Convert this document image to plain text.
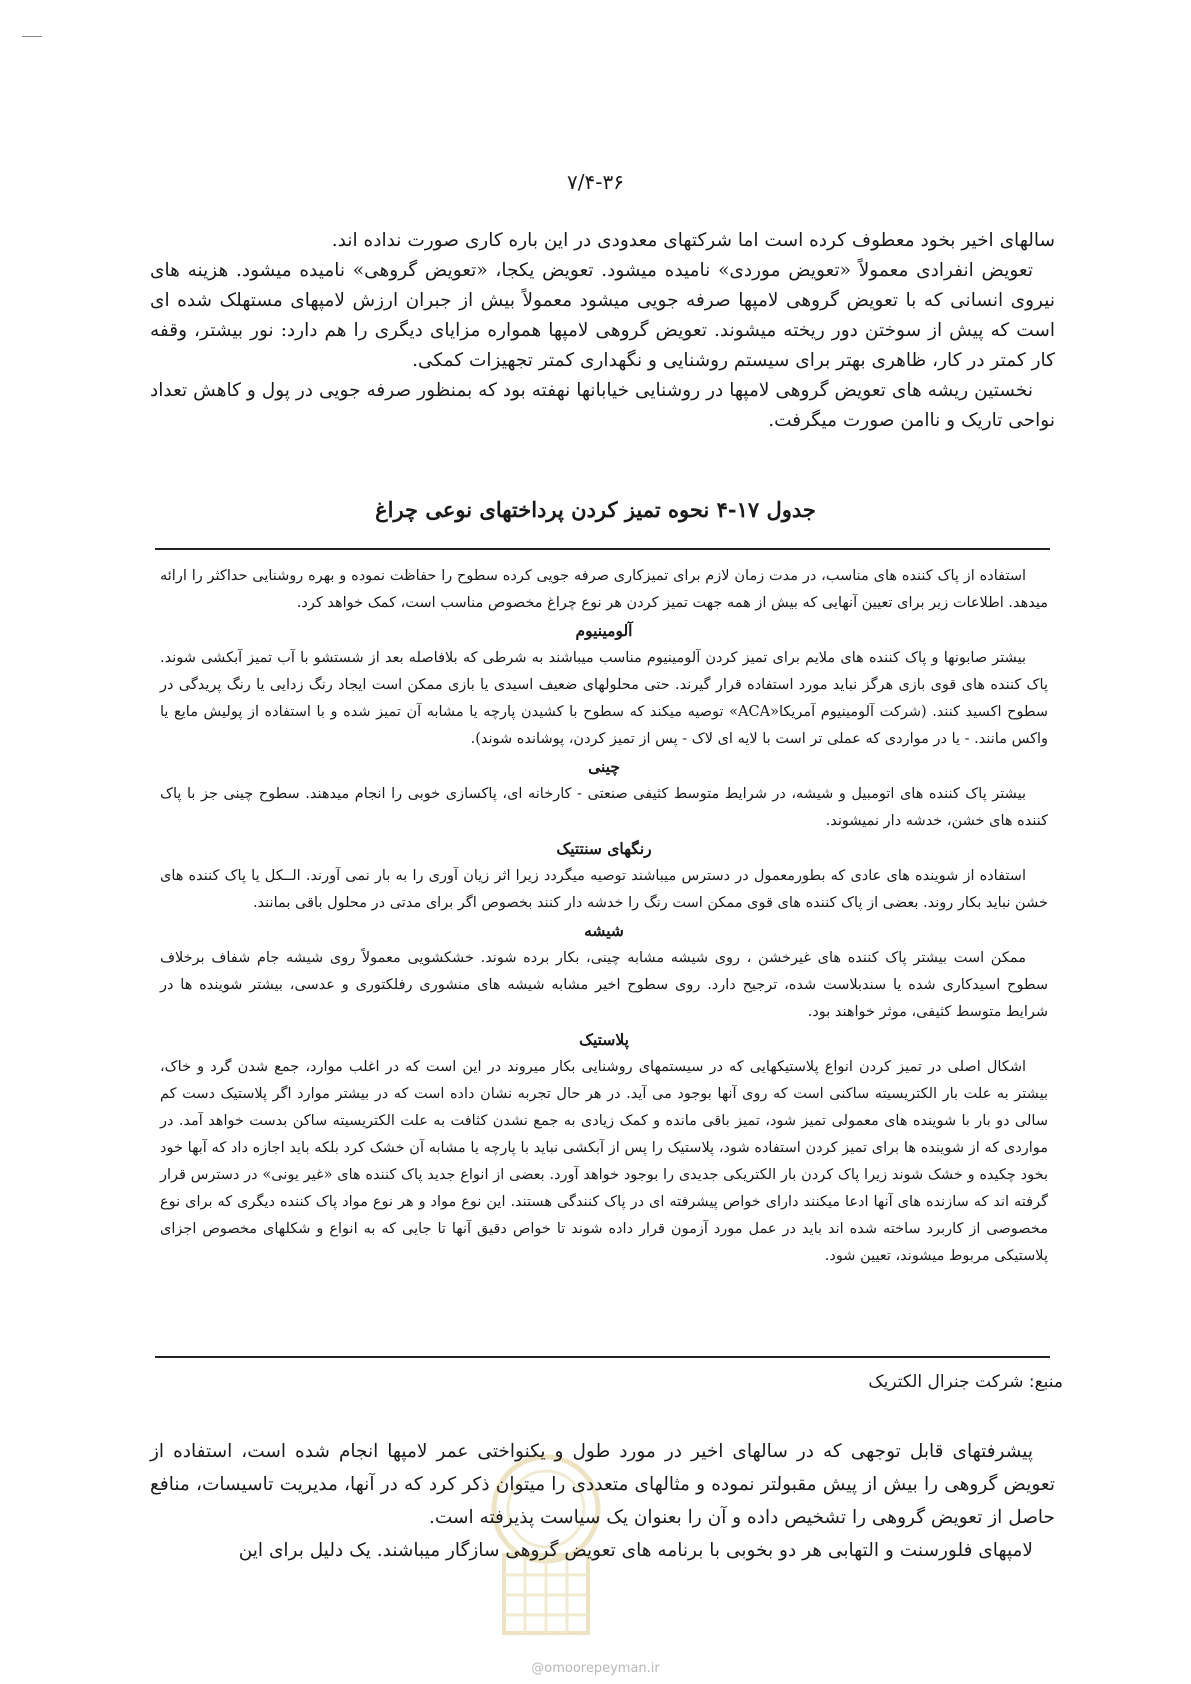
۷/۴-۳۶

سالهای اخیر بخود معطوف کرده است اما شرکتهای معدودی در این باره کاری صورت نداده اند.

تعویض انفرادی معمولاً «تعویض موردی» نامیده میشود. تعویض یکجا، «تعویض گروهی» نامیده میشود. هزینه های نیروی انسانی که با تعویض گروهی لامپها صرفه جویی میشود معمولاً بیش از جبران ارزش لامپهای مستهلک شده ای است که پیش از سوختن دور ریخته میشوند. تعویض گروهی لامپها همواره مزایای دیگری را هم دارد: نور بیشتر، وقفه کار کمتر در کار، ظاهری بهتر برای سیستم روشنایی و نگهداری کمتر تجهیزات کمکی.

نخستین ریشه های تعویض گروهی لامپها در روشنایی خیابانها نهفته بود که بمنظور صرفه جویی در پول و کاهش تعداد نواحی تاریک و ناامن صورت میگرفت.

جدول ۱۷-۴ نحوه تمیز کردن پرداختهای نوعی چراغ

استفاده از پاک کننده های مناسب، در مدت زمان لازم برای تمیزکاری صرفه جویی کرده سطوح را حفاظت نموده و بهره روشنایی حداکثر را ارائه میدهد. اطلاعات زیر برای تعیین آنهایی که بیش از همه جهت تمیز کردن هر نوع چراغ مخصوص مناسب است، کمک خواهد کرد.

آلومینیوم

بیشتر صابونها و پاک کننده های ملایم برای تمیز کردن آلومینیوم مناسب میباشند به شرطی که بلافاصله بعد از شستشو با آب تمیز آبکشی شوند. پاک کننده های قوی بازی هرگز نباید مورد استفاده قرار گیرند. حتی محلولهای ضعیف اسیدی یا بازی ممکن است ایجاد رنگ زدایی یا رنگ پریدگی در سطوح اکسید کنند. (شرکت آلومینیوم آمریکا«ACA» توصیه میکند که سطوح با کشیدن پارچه یا مشابه آن تمیز شده و با استفاده از پولیش مایع یا واکس مانند. - یا در مواردی که عملی تر است با لایه ای لاک - پس از تمیز کردن، پوشانده شوند).

چینی

بیشتر پاک کننده های اتومبیل و شیشه، در شرایط متوسط کثیفی صنعتی - کارخانه ای، پاکسازی خوبی را انجام میدهند. سطوح چینی جز با پاک کننده های خشن، خدشه دار نمیشوند.

رنگهای سنتتیک

استفاده از شوینده های عادی که بطورمعمول در دسترس میباشند توصیه میگردد زیرا اثر زیان آوری را به بار نمی آورند. الــکل یا پاک کننده های خشن نباید بکار روند. بعضی از پاک کننده های قوی ممکن است رنگ را خدشه دار کنند بخصوص اگر برای مدتی در محلول باقی بمانند.

شیشه

ممکن است بیشتر پاک کننده های غیرخشن ، روی شیشه مشابه چینی، بکار برده شوند. خشکشویی معمولاً روی شیشه جام شفاف برخلاف سطوح اسیدکاری شده یا سندبلاست شده، ترجیح دارد. روی سطوح اخیر مشابه شیشه های منشوری رفلکتوری و عدسی، بیشتر شوینده ها در شرایط متوسط کثیفی، موثر خواهند بود.

پلاستیک

اشکال اصلی در تمیز کردن انواع پلاستیکهایی که در سیستمهای روشنایی بکار میروند در این است که در اغلب موارد، جمع شدن گرد و خاک، بیشتر به علت بار الکتریسیته ساکنی است که روی آنها بوجود می آید. در هر حال تجربه نشان داده است که در بیشتر موارد اگر پلاستیک دست کم سالی دو بار با شوینده های معمولی تمیز شود، تمیز باقی مانده و کمک زیادی به جمع نشدن کثافت به علت الکتریسیته ساکن بدست خواهد آمد. در مواردی که از شوینده ها برای تمیز کردن استفاده شود، پلاستیک را پس از آبکشی نباید با پارچه یا مشابه آن خشک کرد بلکه باید اجازه داد که آبها خود بخود چکیده و خشک شوند زیرا پاک کردن بار الکتریکی جدیدی را بوجود خواهد آورد. بعضی از انواع جدید پاک کننده های «غیر یونی» در دسترس قرار گرفته اند که سازنده های آنها ادعا میکنند دارای خواص پیشرفته ای در پاک کنندگی هستند. این نوع مواد و هر نوع مواد پاک کننده دیگری که برای نوع مخصوصی از کاربرد ساخته شده اند باید در عمل مورد آزمون قرار داده شوند تا خواص دقیق آنها تا جایی که به انواع و شکلهای مخصوص اجزای پلاستیکی مربوط میشوند، تعیین شود.

منبع: شرکت جنرال الکتریک

پیشرفتهای قابل توجهی که در سالهای اخیر در مورد طول و یکنواختی عمر لامپها انجام شده است، استفاده از تعویض گروهی را بیش از پیش مقبولتر نموده و مثالهای متعددی را میتوان ذکر کرد که در آنها، مدیریت تاسیسات، منافع حاصل از تعویض گروهی را تشخیص داده و آن را بعنوان یک سیاست پذیرفته است.

لامپهای فلورسنت و التهابی هر دو بخوبی با برنامه های تعویض گروهی سازگار میباشند. یک دلیل برای این

@omoorepeyman.ir
